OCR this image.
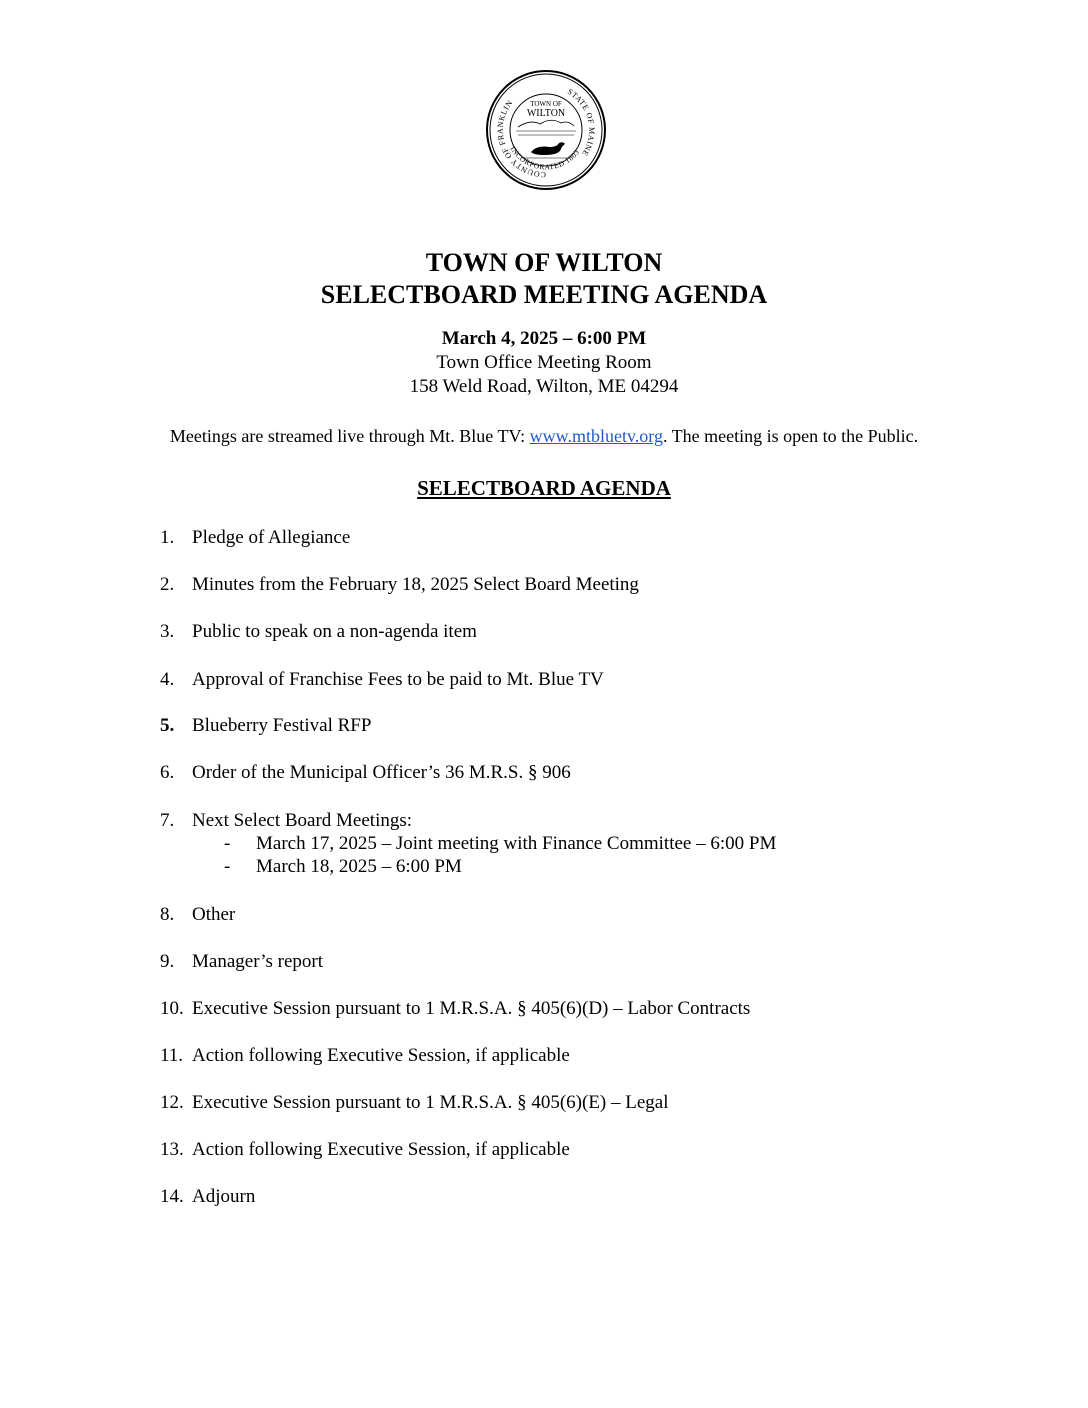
COUNTY OF FRANKLIN
STATE OF MAINE
INCORPORATED 1803
TOWN OF
WILTON
TOWN OF WILTON
SELECTBOARD MEETING AGENDA
March 4, 2025 – 6:00 PM
Town Office Meeting Room
158 Weld Road, Wilton, ME 04294
Meetings are streamed live through Mt. Blue TV: www.mtbluetv.org. The meeting is open to the Public.
SELECTBOARD AGENDA
1. Pledge of Allegiance
2. Minutes from the February 18, 2025 Select Board Meeting
3. Public to speak on a non-agenda item
4. Approval of Franchise Fees to be paid to Mt. Blue TV
5. Blueberry Festival RFP
6. Order of the Municipal Officer’s 36 M.R.S. § 906
7. Next Select Board Meetings:
- March 17, 2025 – Joint meeting with Finance Committee – 6:00 PM
- March 18, 2025 – 6:00 PM
8. Other
9. Manager’s report
10. Executive Session pursuant to 1 M.R.S.A. § 405(6)(D) – Labor Contracts
11. Action following Executive Session, if applicable
12. Executive Session pursuant to 1 M.R.S.A. § 405(6)(E) – Legal
13. Action following Executive Session, if applicable
14. Adjourn
